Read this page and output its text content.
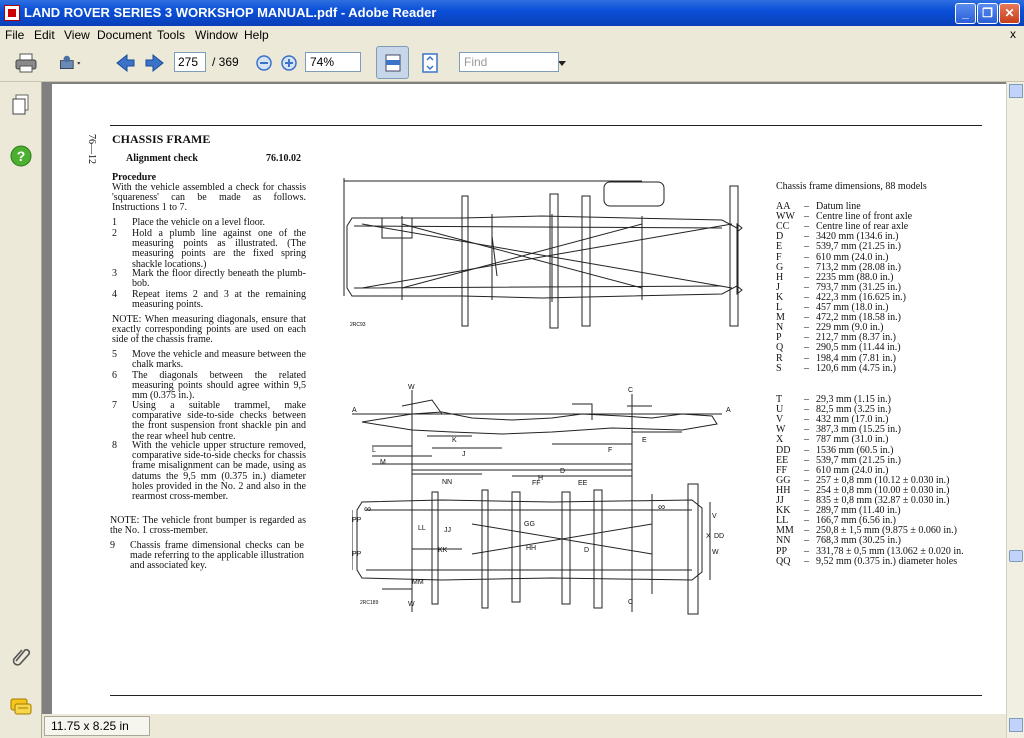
LAND ROVER SERIES 3 WORKSHOP MANUAL.pdf - Adobe Reader	_	❐ ✕
File Edit View Document Tools Window Help	x
275	/ 369	74%	Find
?	76—12 CHASSIS FRAME
Alignment check	76.10.02
Procedure
With the vehicle assembled a check for chassis 'squareness' can be made as follows. Instructions 1 to 7.
1 Place the vehicle on a level floor.
2 Hold a plumb line against one of the measuring points as illustrated. (The measuring points are the fixed spring shackle locations.)
3 Mark the floor directly beneath the plumb-bob.
4 Repeat items 2 and 3 at the remaining measuring points.
NOTE: When measuring diagonals, ensure that exactly corresponding points are used on each side of the chassis frame.
5 Move the vehicle and measure between the chalk marks.
6 The diagonals between the related measuring points should agree within 9,5 mm (0.375 in.).
7 Using a suitable trammel, make comparative side-to-side checks between the front suspension front shackle pin and the rear wheel hub centre.
8 With the vehicle upper structure removed, comparative side-to-side checks for chassis frame misalignment can be made, using as datums the 9,5 mm (0.375 in.) diameter holes provided in the No. 2 and also in the rearmost cross-member.
NOTE: The vehicle front bumper is regarded as the No. 1 cross-member.
9 Chassis frame dimensional checks can be made referring to the applicable illustration and associated key.
2RC93
A	A
W	C
L
M
K
J
D
D
E
F
H
NN	FF	EE
PP
PP
∞	∞
LL	JJ
GG
HH
KK
MM
V
X DD
W
W	C
2RC189
Chassis frame dimensions, 88 models
AA – Datum line
WW – Centre line of front axle
CC – Centre line of rear axle
D – 3420 mm (134.6 in.)
E – 539,7 mm (21.25 in.)
F – 610 mm (24.0 in.)
G – 713,2 mm (28.08 in.)
H – 2235 mm (88.0 in.)
J – 793,7 mm (31.25 in.)
K – 422,3 mm (16.625 in.)
L – 457 mm (18.0 in.)
M – 472,2 mm (18.58 in.)
N – 229 mm (9.0 in.)
P – 212,7 mm (8.37 in.)
Q – 290,5 mm (11.44 in.)
R – 198,4 mm (7.81 in.)
S – 120,6 mm (4.75 in.)
T – 29,3 mm (1.15 in.)
U – 82,5 mm (3.25 in.)
V – 432 mm (17.0 in.)
W – 387,3 mm (15.25 in.)
X – 787 mm (31.0 in.)
DD – 1536 mm (60.5 in.)
EE – 539,7 mm (21.25 in.)
FF – 610 mm (24.0 in.)
GG – 257 ± 0,8 mm (10.12 ± 0.030 in.)
HH – 254 ± 0,8 mm (10.00 ± 0.030 in.)
JJ – 835 ± 0,8 mm (32.87 ± 0.030 in.)
KK – 289,7 mm (11.40 in.)
LL – 166,7 mm (6.56 in.)
MM – 250,8 ± 1,5 mm (9.875 ± 0.060 in.)
NN – 768,3 mm (30.25 in.)
PP – 331,78 ± 0,5 mm (13.062 ± 0.020 in.
QQ – 9,52 mm (0.375 in.) diameter holes
11.75 x 8.25 in
